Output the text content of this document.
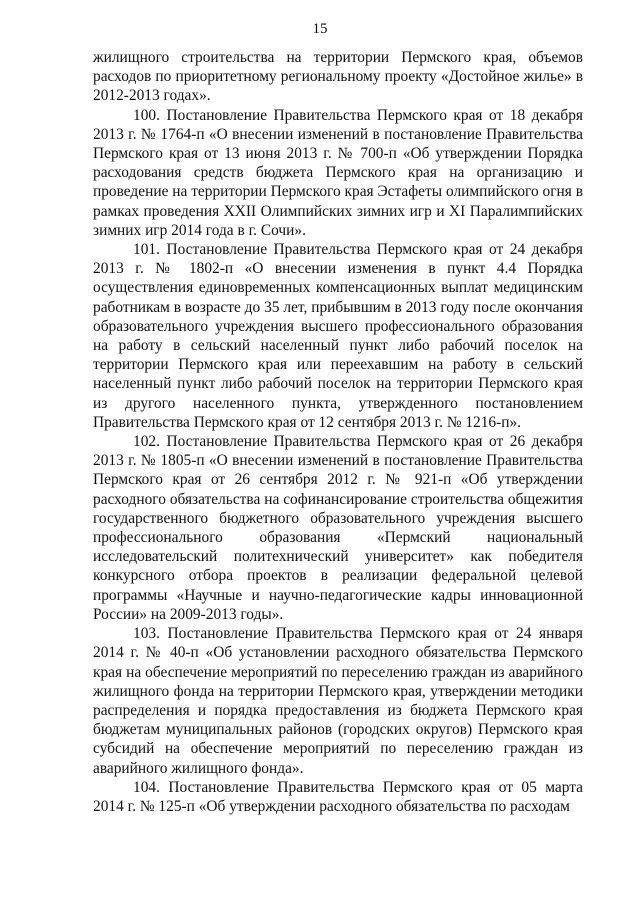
15

жилищного строительства на территории Пермского края, объемов расходов по приоритетному региональному проекту «Достойное жилье» в 2012-2013 годах».

100. Постановление Правительства Пермского края от 18 декабря 2013 г. № 1764-п «О внесении изменений в постановление Правительства Пермского края от 13 июня 2013 г. № 700-п «Об утверждении Порядка расходования средств бюджета Пермского края на организацию и проведение на территории Пермского края Эстафеты олимпийского огня в рамках проведения XXII Олимпийских зимних игр и XI Паралимпийских зимних игр 2014 года в г. Сочи».

101. Постановление Правительства Пермского края от 24 декабря 2013 г. № 1802-п «О внесении изменения в пункт 4.4 Порядка осуществления единовременных компенсационных выплат медицинским работникам в возрасте до 35 лет, прибывшим в 2013 году после окончания образовательного учреждения высшего профессионального образования на работу в сельский населенный пункт либо рабочий поселок на территории Пермского края или переехавшим на работу в сельский населенный пункт либо рабочий поселок на территории Пермского края из другого населенного пункта, утвержденного постановлением Правительства Пермского края от 12 сентября 2013 г. № 1216-п».

102. Постановление Правительства Пермского края от 26 декабря 2013 г. № 1805-п «О внесении изменений в постановление Правительства Пермского края от 26 сентября 2012 г. № 921-п «Об утверждении расходного обязательства на софинансирование строительства общежития государственного бюджетного образовательного учреждения высшего профессионального образования «Пермский национальный исследовательский политехнический университет» как победителя конкурсного отбора проектов в реализации федеральной целевой программы «Научные и научно-педагогические кадры инновационной России» на 2009-2013 годы».

103. Постановление Правительства Пермского края от 24 января 2014 г. № 40-п «Об установлении расходного обязательства Пермского края на обеспечение мероприятий по переселению граждан из аварийного жилищного фонда на территории Пермского края, утверждении методики распределения и порядка предоставления из бюджета Пермского края бюджетам муниципальных районов (городских округов) Пермского края субсидий на обеспечение мероприятий по переселению граждан из аварийного жилищного фонда».

104. Постановление Правительства Пермского края от 05 марта 2014 г. № 125-п «Об утверждении расходного обязательства по расходам
